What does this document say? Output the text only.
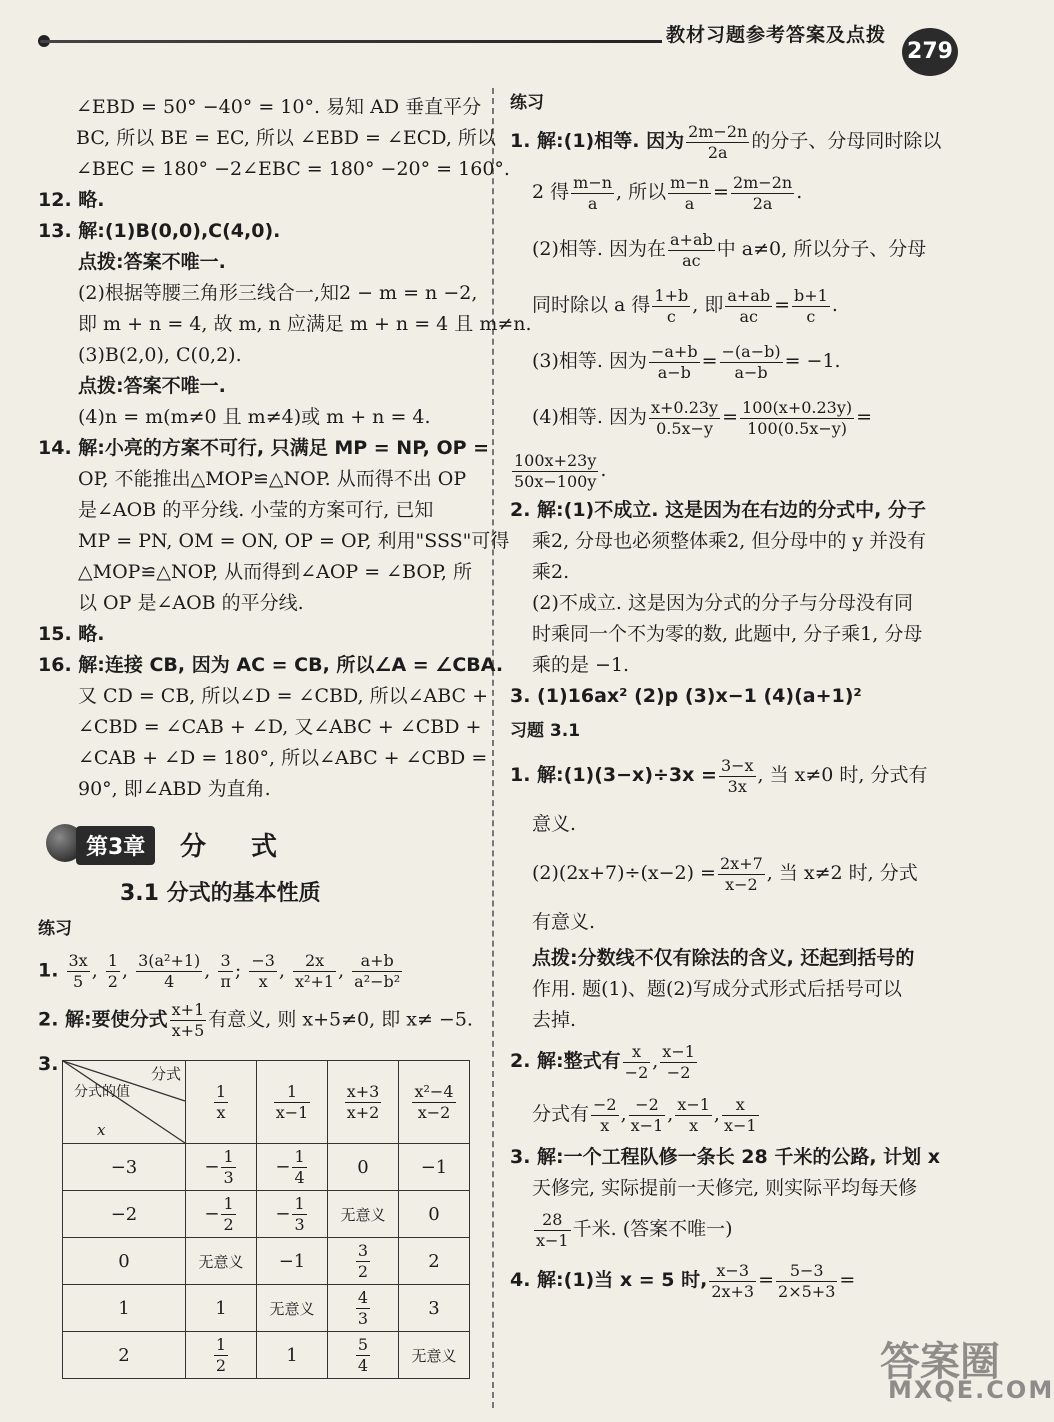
教材习题参考答案及点拨
279
∠EBD = 50° −40° = 10°. 易知 AD 垂直平分
BC, 所以 BE = EC, 所以 ∠EBD = ∠ECD, 所以
∠BEC = 180° −2∠EBC = 180° −20° = 160°.
12. 略.
13. 解:(1)B(0,0),C(4,0).
点拨:答案不唯一.
(2)根据等腰三角形三线合一,知2 − m = n −2,
即 m + n = 4, 故 m, n 应满足 m + n = 4 且 m≠n.
(3)B(2,0), C(0,2).
点拨:答案不唯一.
(4)n = m(m≠0 且 m≠4)或 m + n = 4.
14. 解:小亮的方案不可行, 只满足 MP = NP, OP =
OP, 不能推出△MOP≌△NOP. 从而得不出 OP
是∠AOB 的平分线. 小莹的方案可行, 已知
MP = PN, OM = ON, OP = OP, 利用"SSS"可得
△MOP≌△NOP, 从而得到∠AOP = ∠BOP, 所
以 OP 是∠AOB 的平分线.
15. 略.
16. 解:连接 CB, 因为 AC = CB, 所以∠A = ∠CBA.
又 CD = CB, 所以∠D = ∠CBD, 所以∠ABC +
∠CBD = ∠CAB + ∠D, 又∠ABC + ∠CBD +
∠CAB + ∠D = 180°, 所以∠ABC + ∠CBD =
90°, 即∠ABD 为直角.
第3章	分 式
3.1 分式的基本性质
练习
1. $\frac{3x}{5}$ , $\frac{1}{2}$ , $\frac{\text{3(a²+1)}}{4}$ , $\frac{3}{\pi}$ ; $\frac{-3}{x}$ , $\frac{2x}{\text{x²+1}}$ , $\frac{a+b}{\text{a²−b²}}$
2. 解:要使分式 $\frac{x+1}{x+5}$ 有意义, 则 x+5≠0, 即 x≠ −5.
3.	分式
分式的值
x	$\frac{1}{x}$	$\frac{1}{x-1}$	$\frac{x+3}{x+2}$	$\frac{\text{x²−4}}{x-2}$

−3	− $\frac{1}{3}$	− $\frac{1}{4}$	0	−1
−2	− $\frac{1}{2}$	− $\frac{1}{3}$	无意义	0
0	无意义	−1	$\frac{3}{2}$	2
1	1	无意义	$\frac{4}{3}$	3
2	$\frac{1}{2}$	1	$\frac{5}{4}$	无意义
练习
1. 解:(1)相等. 因为 $\frac{2m-2n}{2a}$ 的分子、分母同时除以
2 得 $\frac{m-n}{a}$ , 所以 $\frac{m-n}{a} = \frac{2m-2n}{2a}$ .
(2)相等. 因为在 $\frac{a+ab}{ac}$ 中 a≠0, 所以分子、分母
同时除以 a 得 $\frac{1+b}{c}$ , 即 $\frac{a+ab}{ac} = \frac{b+1}{c}$ .
(3)相等. 因为 $\frac{-a+b}{a-b} = \frac{-(a-b)}{a-b} = -1$.
(4)相等. 因为 $\frac{x+0.23y}{0.5x-y} = \frac{100(x+0.23y)}{100(0.5x-y)}$ =
$\frac{100x+23y}{50x-100y}$ .
2. 解:(1)不成立. 这是因为在右边的分式中, 分子
乘2, 分母也必须整体乘2, 但分母中的 y 并没有
乘2.
(2)不成立. 这是因为分式的分子与分母没有同
时乘同一个不为零的数, 此题中, 分子乘1, 分母
乘的是 −1.
3. (1)16ax² (2)p (3)x−1 (4)(a+1)²
习题 3.1
1. 解:(1)(3−x)÷3x = $\frac{3-x}{3x}$ , 当 x≠0 时, 分式有
意义.
$(2)(2x+7)\div(x-2) = \frac{2x+7}{x-2}$ , 当 x≠2 时, 分式
有意义.
点拨:分数线不仅有除法的含义, 还起到括号的
作用. 题(1)、题(2)写成分式形式后括号可以
去掉.
2. 解:整式有 $\frac{x}{-2}$ , $\frac{x-1}{-2}$
分式有 $\frac{-2}{x}$ , $\frac{-2}{x-1}$ , $\frac{x-1}{x}$ , $\frac{x}{x-1}$
3. 解:一个工程队修一条长 28 千米的公路, 计划 x
天修完, 实际提前一天修完, 则实际平均每天修
$\frac{28}{x-1}$ 千米. (答案不唯一)
4. 解:(1)当 x = 5 时, $\frac{x-3}{2x+3} = \frac{5-3}{2\times 5+3}$ =
答案圈
MXQE.COM
